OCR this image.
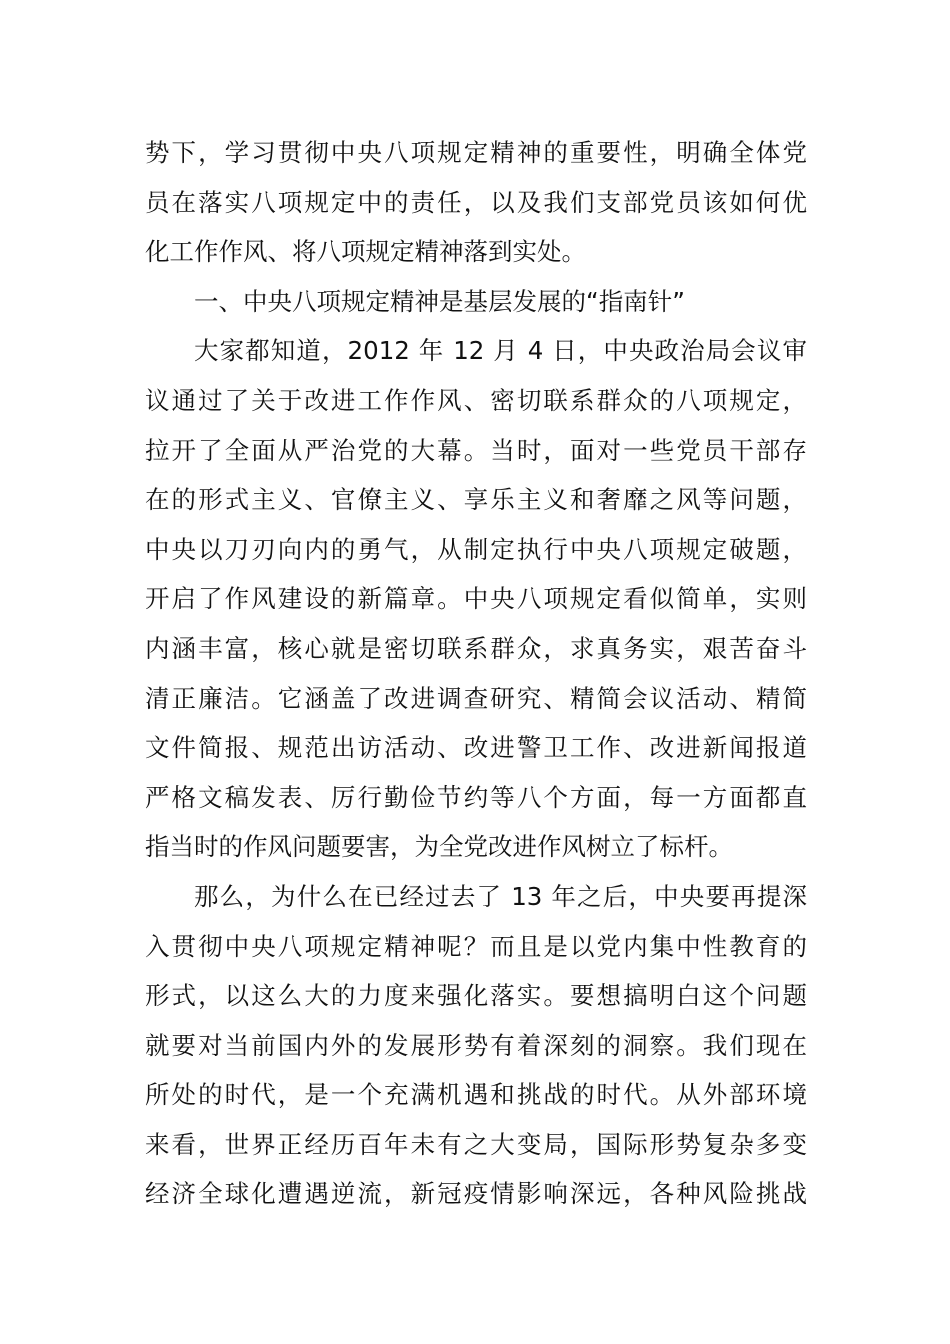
势下，学习贯彻中央八项规定精神的重要性，明确全体党
员在落实八项规定中的责任，以及我们支部党员该如何优
化工作作风、将八项规定精神落到实处。
一、中央八项规定精神是基层发展的“指南针”
大家都知道，2012 年 12 月 4 日，中央政治局会议审
议通过了关于改进工作作风、密切联系群众的八项规定，
拉开了全面从严治党的大幕。当时，面对一些党员干部存
在的形式主义、官僚主义、享乐主义和奢靡之风等问题，
中央以刀刃向内的勇气，从制定执行中央八项规定破题，
开启了作风建设的新篇章。中央八项规定看似简单，实则
内涵丰富，核心就是密切联系群众，求真务实，艰苦奋斗
清正廉洁。它涵盖了改进调查研究、精简会议活动、精简
文件简报、规范出访活动、改进警卫工作、改进新闻报道
严格文稿发表、厉行勤俭节约等八个方面，每一方面都直
指当时的作风问题要害，为全党改进作风树立了标杆。
那么，为什么在已经过去了 13 年之后，中央要再提深
入贯彻中央八项规定精神呢？而且是以党内集中性教育的
形式，以这么大的力度来强化落实。要想搞明白这个问题
就要对当前国内外的发展形势有着深刻的洞察。我们现在
所处的时代，是一个充满机遇和挑战的时代。从外部环境
来看，世界正经历百年未有之大变局，国际形势复杂多变
经济全球化遭遇逆流，新冠疫情影响深远，各种风险挑战
